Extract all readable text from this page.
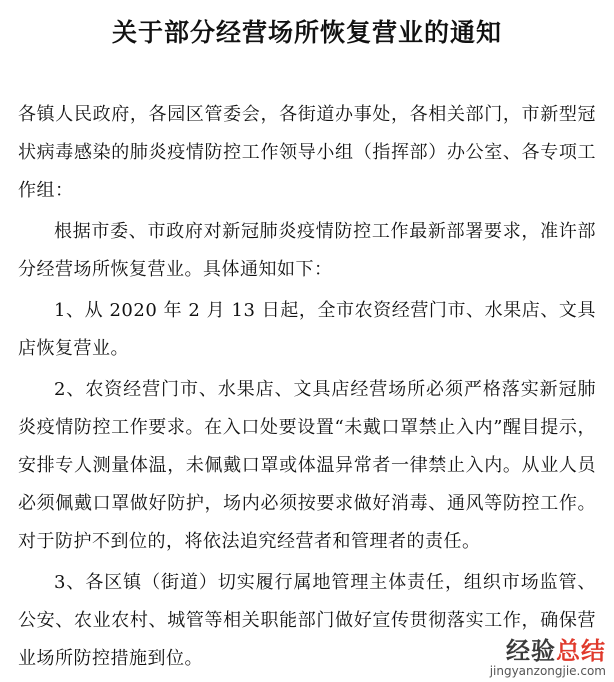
关于部分经营场所恢复营业的通知

各镇人民政府，各园区管委会，各街道办事处，各相关部门，市新型冠状病毒感染的肺炎疫情防控工作领导小组（指挥部）办公室、各专项工作组：

根据市委、市政府对新冠肺炎疫情防控工作最新部署要求，准许部分经营场所恢复营业。具体通知如下：

1、从 2020 年 2 月 13 日起，全市农资经营门市、水果店、文具店恢复营业。

2、农资经营门市、水果店、文具店经营场所必须严格落实新冠肺炎疫情防控工作要求。在入口处要设置“未戴口罩禁止入内”醒目提示，安排专人测量体温，未佩戴口罩或体温异常者一律禁止入内。从业人员必须佩戴口罩做好防护，场内必须按要求做好消毒、通风等防控工作。对于防护不到位的，将依法追究经营者和管理者的责任。

3、各区镇（街道）切实履行属地管理主体责任，组织市场监管、公安、农业农村、城管等相关职能部门做好宣传贯彻落实工作，确保营业场所防控措施到位。	经验总结
jingyanzongjie.com
